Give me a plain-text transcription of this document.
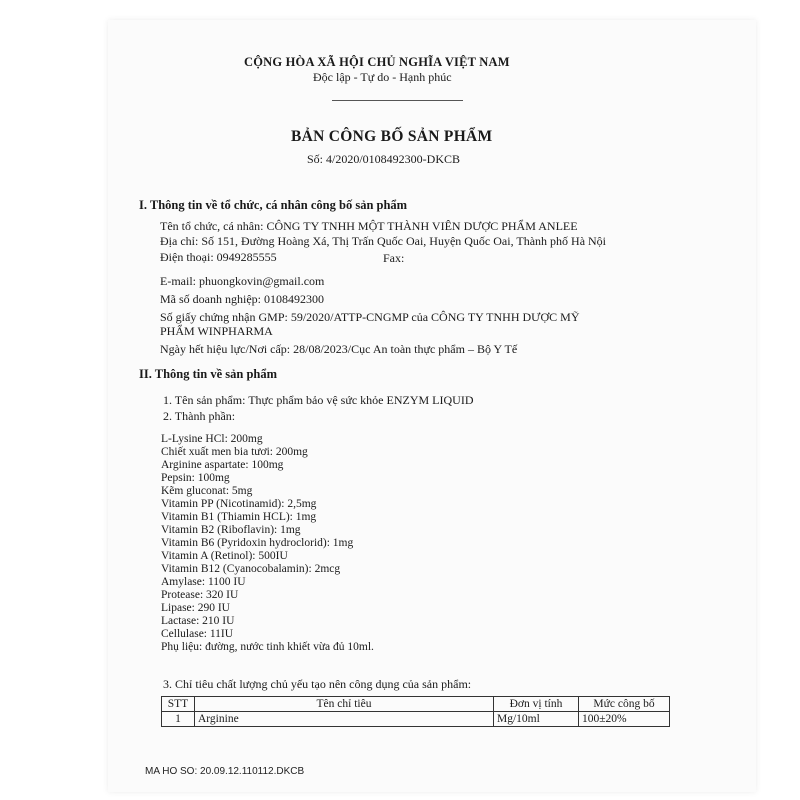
CỘNG HÒA XÃ HỘI CHỦ NGHĨA VIỆT NAM
Độc lập - Tự do - Hạnh phúc
BẢN CÔNG BỐ SẢN PHẨM
Số: 4/2020/0108492300-DKCB
I. Thông tin về tổ chức, cá nhân công bố sản phẩm
Tên tổ chức, cá nhân: CÔNG TY TNHH MỘT THÀNH VIÊN DƯỢC PHẨM ANLEE
Địa chỉ: Số 151, Đường Hoàng Xá, Thị Trấn Quốc Oai, Huyện Quốc Oai, Thành phố Hà Nội
Điện thoại: 0949285555	Fax:
E-mail: phuongkovin@gmail.com
Mã số doanh nghiệp: 0108492300
Số giấy chứng nhận GMP: 59/2020/ATTP-CNGMP của CÔNG TY TNHH DƯỢC MỸ
PHẨM WINPHARMA
Ngày hết hiệu lực/Nơi cấp: 28/08/2023/Cục An toàn thực phẩm – Bộ Y Tế
II. Thông tin về sản phẩm
1. Tên sản phẩm: Thực phẩm bảo vệ sức khỏe ENZYM LIQUID
2. Thành phần:
L-Lysine HCl: 200mg
Chiết xuất men bia tươi: 200mg
Arginine aspartate: 100mg
Pepsin: 100mg
Kẽm gluconat: 5mg
Vitamin PP (Nicotinamid): 2,5mg
Vitamin B1 (Thiamin HCL): 1mg
Vitamin B2 (Riboflavin): 1mg
Vitamin B6 (Pyridoxin hydroclorid): 1mg
Vitamin A (Retinol): 500IU
Vitamin B12 (Cyanocobalamin): 2mcg
Amylase: 1100 IU
Protease: 320 IU
Lipase: 290 IU
Lactase: 210 IU
Cellulase: 11IU
Phụ liệu: đường, nước tinh khiết vừa đủ 10ml.
3. Chỉ tiêu chất lượng chủ yếu tạo nên công dụng của sản phẩm:
STT	Tên chỉ tiêu	Đơn vị tính	Mức công bố
1	Arginine	Mg/10ml	100±20%
MA HO SO: 20.09.12.110112.DKCB
